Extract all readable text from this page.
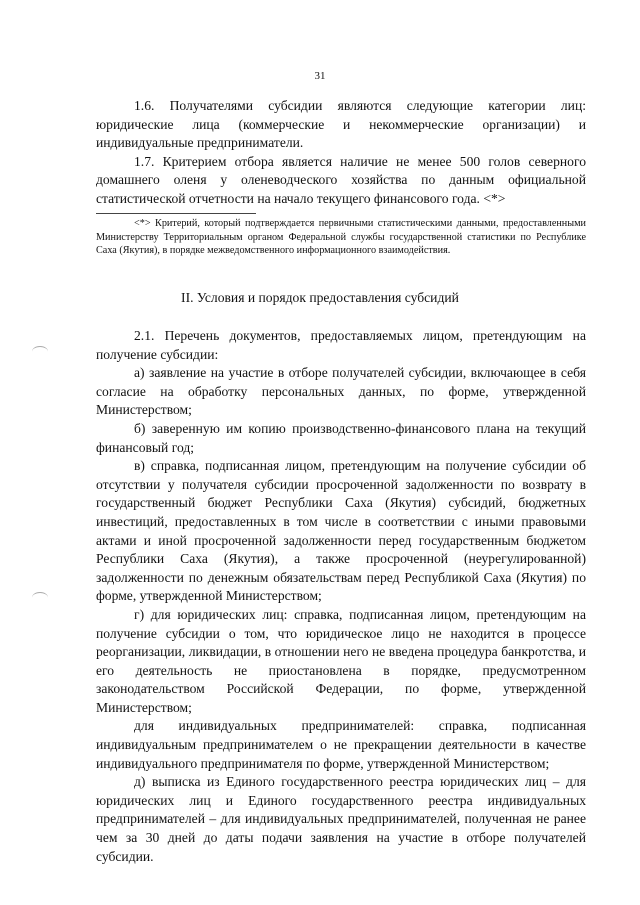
31

1.6. Получателями субсидии являются следующие категории лиц: юридические лица (коммерческие и некоммерческие организации) и индивидуальные предприниматели.

1.7. Критерием отбора является наличие не менее 500 голов северного домашнего оленя у оленеводческого хозяйства по данным официальной статистической отчетности на начало текущего финансового года. <*>

<*> Критерий, который подтверждается первичными статистическими данными, предоставленными Министерству Территориальным органом Федеральной службы государственной статистики по Республике Саха (Якутия), в порядке межведомственного информационного взаимодействия.

II. Условия и порядок предоставления субсидий

2.1. Перечень документов, предоставляемых лицом, претендующим на получение субсидии:

а) заявление на участие в отборе получателей субсидии, включающее в себя согласие на обработку персональных данных, по форме, утвержденной Министерством;

б) заверенную им копию производственно-финансового плана на текущий финансовый год;

в) справка, подписанная лицом, претендующим на получение субсидии об отсутствии у получателя субсидии просроченной задолженности по возврату в государственный бюджет Республики Саха (Якутия) субсидий, бюджетных инвестиций, предоставленных в том числе в соответствии с иными правовыми актами и иной просроченной задолженности перед государственным бюджетом Республики Саха (Якутия), а также просроченной (неурегулированной) задолженности по денежным обязательствам перед Республикой Саха (Якутия) по форме, утвержденной Министерством;

г) для юридических лиц: справка, подписанная лицом, претендующим на получение субсидии о том, что юридическое лицо не находится в процессе реорганизации, ликвидации, в отношении него не введена процедура банкротства, и его деятельность не приостановлена в порядке, предусмотренном законодательством Российской Федерации, по форме, утвержденной Министерством;

для индивидуальных предпринимателей: справка, подписанная индивидуальным предпринимателем о не прекращении деятельности в качестве индивидуального предпринимателя по форме, утвержденной Министерством;

д) выписка из Единого государственного реестра юридических лиц – для юридических лиц и Единого государственного реестра индивидуальных предпринимателей – для индивидуальных предпринимателей, полученная не ранее чем за 30 дней до даты подачи заявления на участие в отборе получателей субсидии.
